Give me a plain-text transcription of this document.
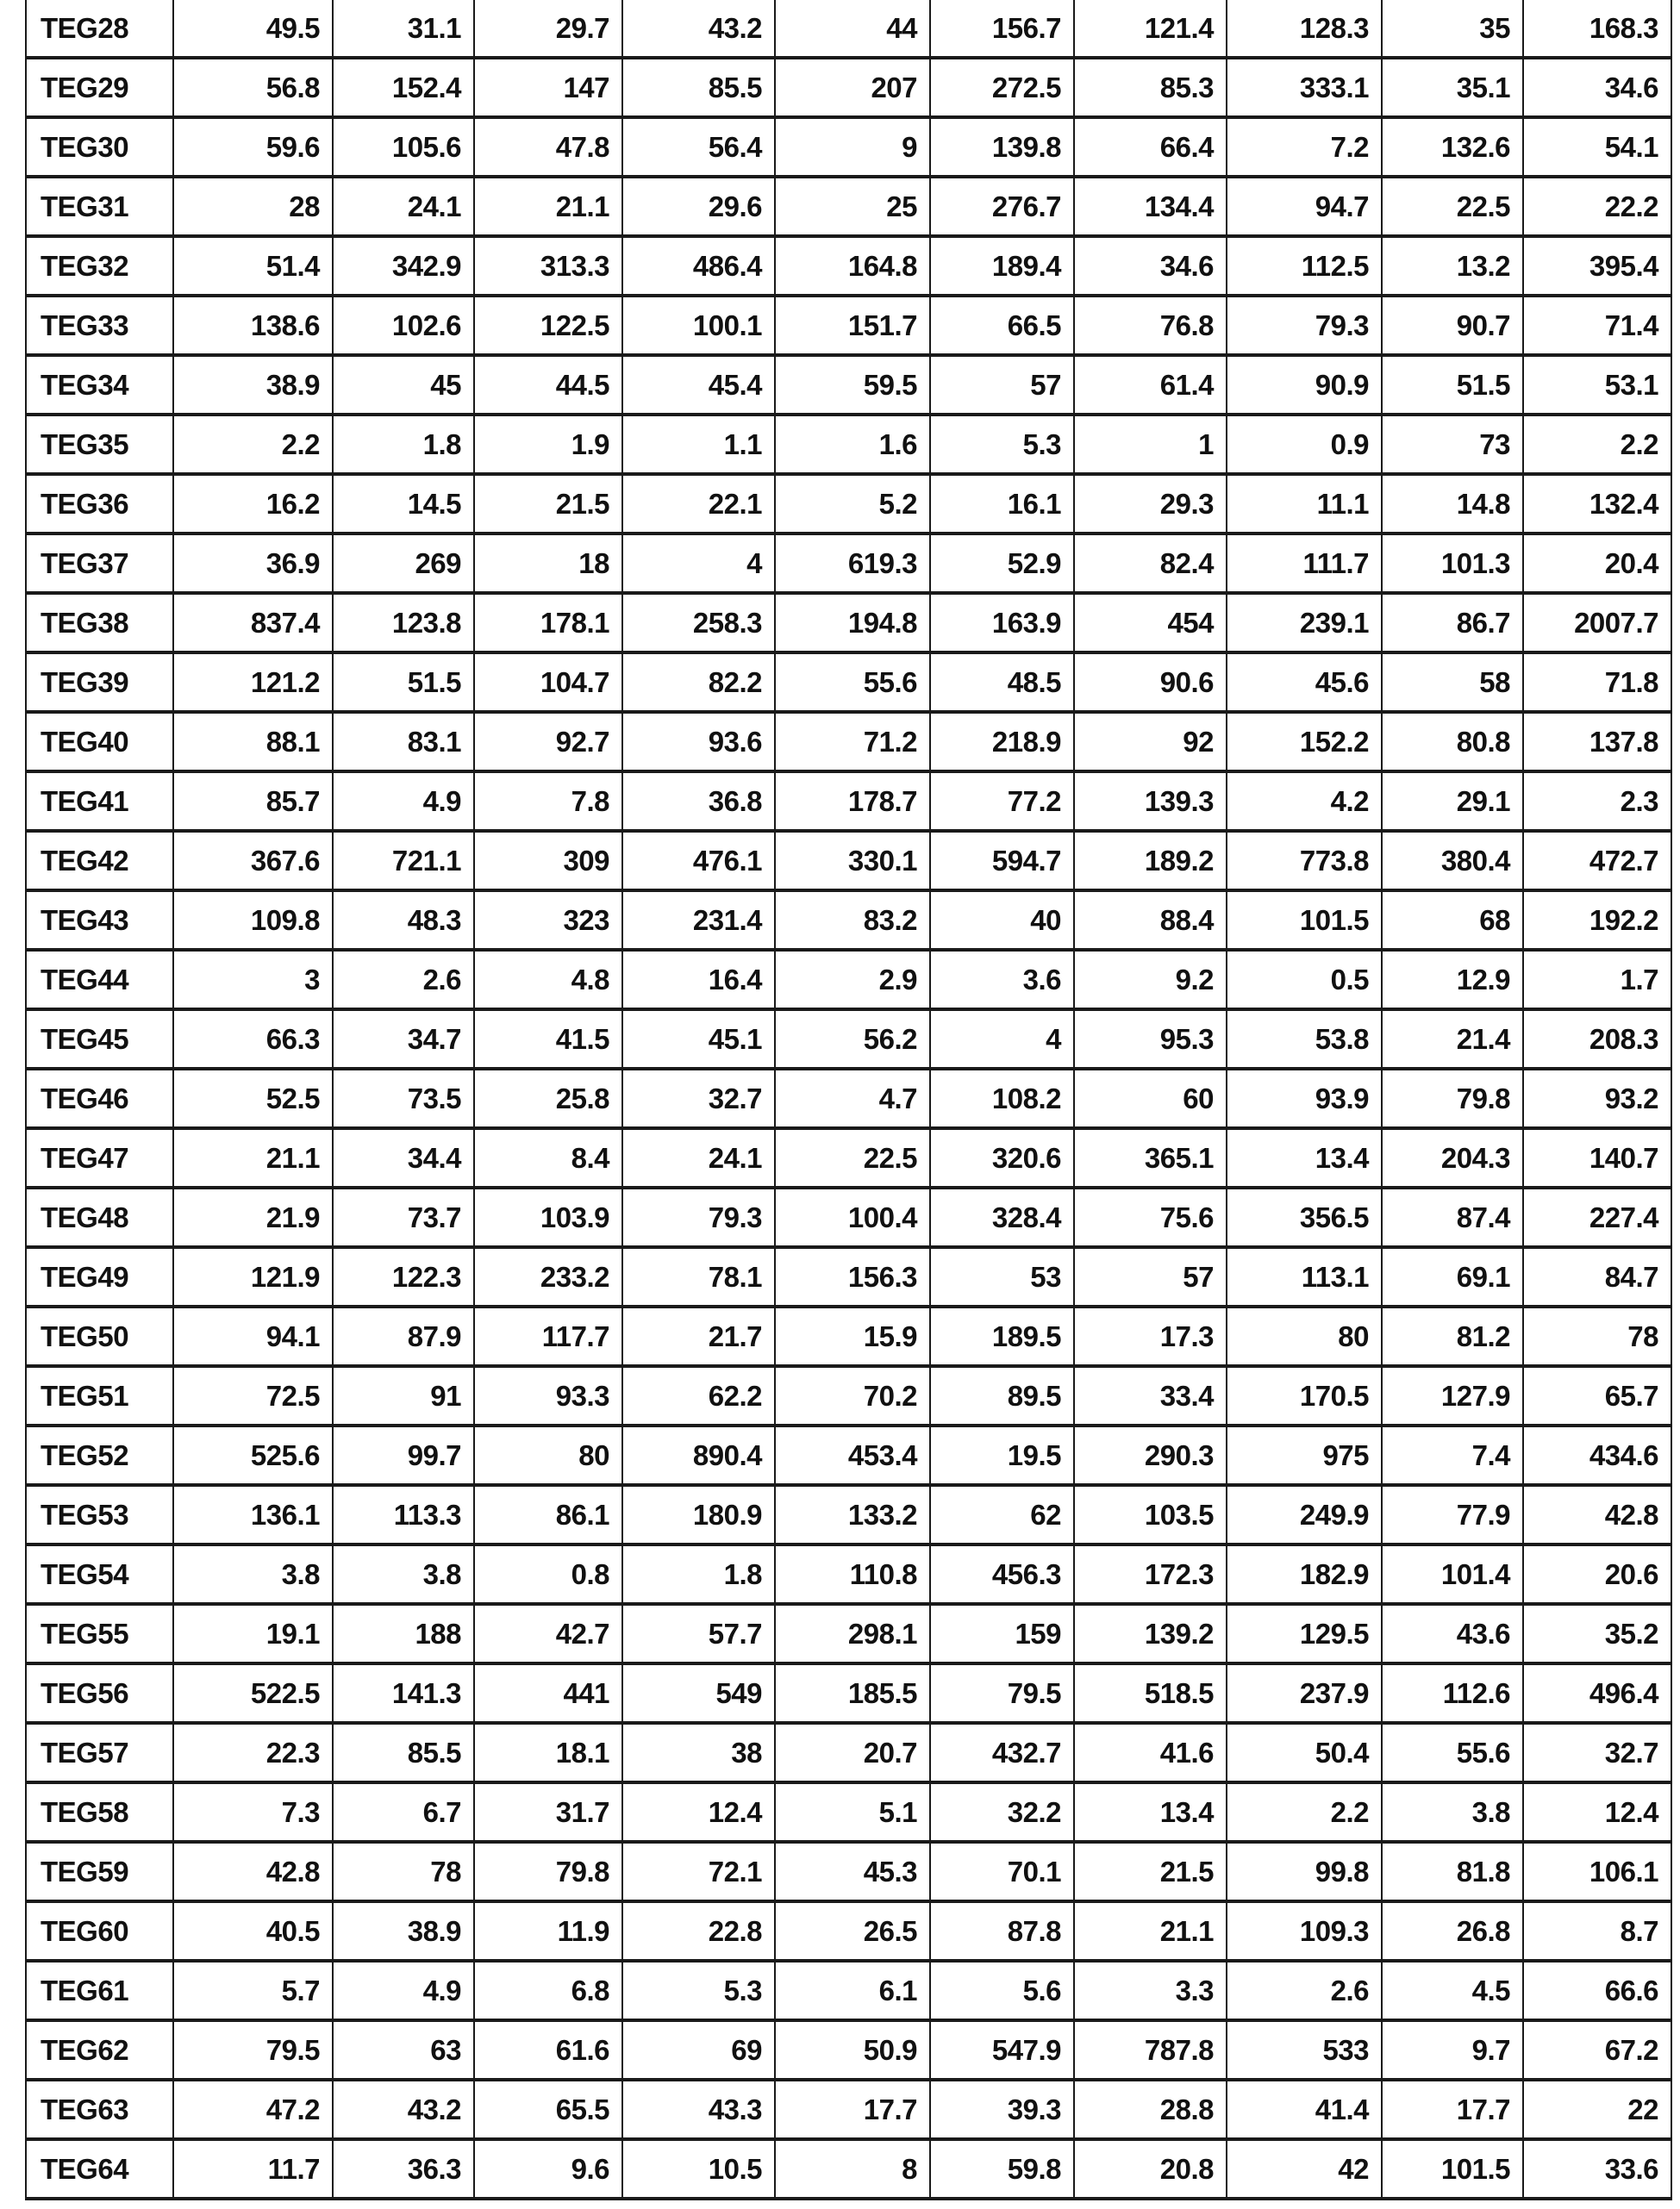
TEG28	49.5	31.1	29.7	43.2	44	156.7	121.4	128.3	35	168.3
TEG29	56.8	152.4	147	85.5	207	272.5	85.3	333.1	35.1	34.6
TEG30	59.6	105.6	47.8	56.4	9	139.8	66.4	7.2	132.6	54.1
TEG31	28	24.1	21.1	29.6	25	276.7	134.4	94.7	22.5	22.2
TEG32	51.4	342.9	313.3	486.4	164.8	189.4	34.6	112.5	13.2	395.4
TEG33	138.6	102.6	122.5	100.1	151.7	66.5	76.8	79.3	90.7	71.4
TEG34	38.9	45	44.5	45.4	59.5	57	61.4	90.9	51.5	53.1
TEG35	2.2	1.8	1.9	1.1	1.6	5.3	1	0.9	73	2.2
TEG36	16.2	14.5	21.5	22.1	5.2	16.1	29.3	11.1	14.8	132.4
TEG37	36.9	269	18	4	619.3	52.9	82.4	111.7	101.3	20.4
TEG38	837.4	123.8	178.1	258.3	194.8	163.9	454	239.1	86.7	2007.7
TEG39	121.2	51.5	104.7	82.2	55.6	48.5	90.6	45.6	58	71.8
TEG40	88.1	83.1	92.7	93.6	71.2	218.9	92	152.2	80.8	137.8
TEG41	85.7	4.9	7.8	36.8	178.7	77.2	139.3	4.2	29.1	2.3
TEG42	367.6	721.1	309	476.1	330.1	594.7	189.2	773.8	380.4	472.7
TEG43	109.8	48.3	323	231.4	83.2	40	88.4	101.5	68	192.2
TEG44	3	2.6	4.8	16.4	2.9	3.6	9.2	0.5	12.9	1.7
TEG45	66.3	34.7	41.5	45.1	56.2	4	95.3	53.8	21.4	208.3
TEG46	52.5	73.5	25.8	32.7	4.7	108.2	60	93.9	79.8	93.2
TEG47	21.1	34.4	8.4	24.1	22.5	320.6	365.1	13.4	204.3	140.7
TEG48	21.9	73.7	103.9	79.3	100.4	328.4	75.6	356.5	87.4	227.4
TEG49	121.9	122.3	233.2	78.1	156.3	53	57	113.1	69.1	84.7
TEG50	94.1	87.9	117.7	21.7	15.9	189.5	17.3	80	81.2	78
TEG51	72.5	91	93.3	62.2	70.2	89.5	33.4	170.5	127.9	65.7
TEG52	525.6	99.7	80	890.4	453.4	19.5	290.3	975	7.4	434.6
TEG53	136.1	113.3	86.1	180.9	133.2	62	103.5	249.9	77.9	42.8
TEG54	3.8	3.8	0.8	1.8	110.8	456.3	172.3	182.9	101.4	20.6
TEG55	19.1	188	42.7	57.7	298.1	159	139.2	129.5	43.6	35.2
TEG56	522.5	141.3	441	549	185.5	79.5	518.5	237.9	112.6	496.4
TEG57	22.3	85.5	18.1	38	20.7	432.7	41.6	50.4	55.6	32.7
TEG58	7.3	6.7	31.7	12.4	5.1	32.2	13.4	2.2	3.8	12.4
TEG59	42.8	78	79.8	72.1	45.3	70.1	21.5	99.8	81.8	106.1
TEG60	40.5	38.9	11.9	22.8	26.5	87.8	21.1	109.3	26.8	8.7
TEG61	5.7	4.9	6.8	5.3	6.1	5.6	3.3	2.6	4.5	66.6
TEG62	79.5	63	61.6	69	50.9	547.9	787.8	533	9.7	67.2
TEG63	47.2	43.2	65.5	43.3	17.7	39.3	28.8	41.4	17.7	22
TEG64	11.7	36.3	9.6	10.5	8	59.8	20.8	42	101.5	33.6
